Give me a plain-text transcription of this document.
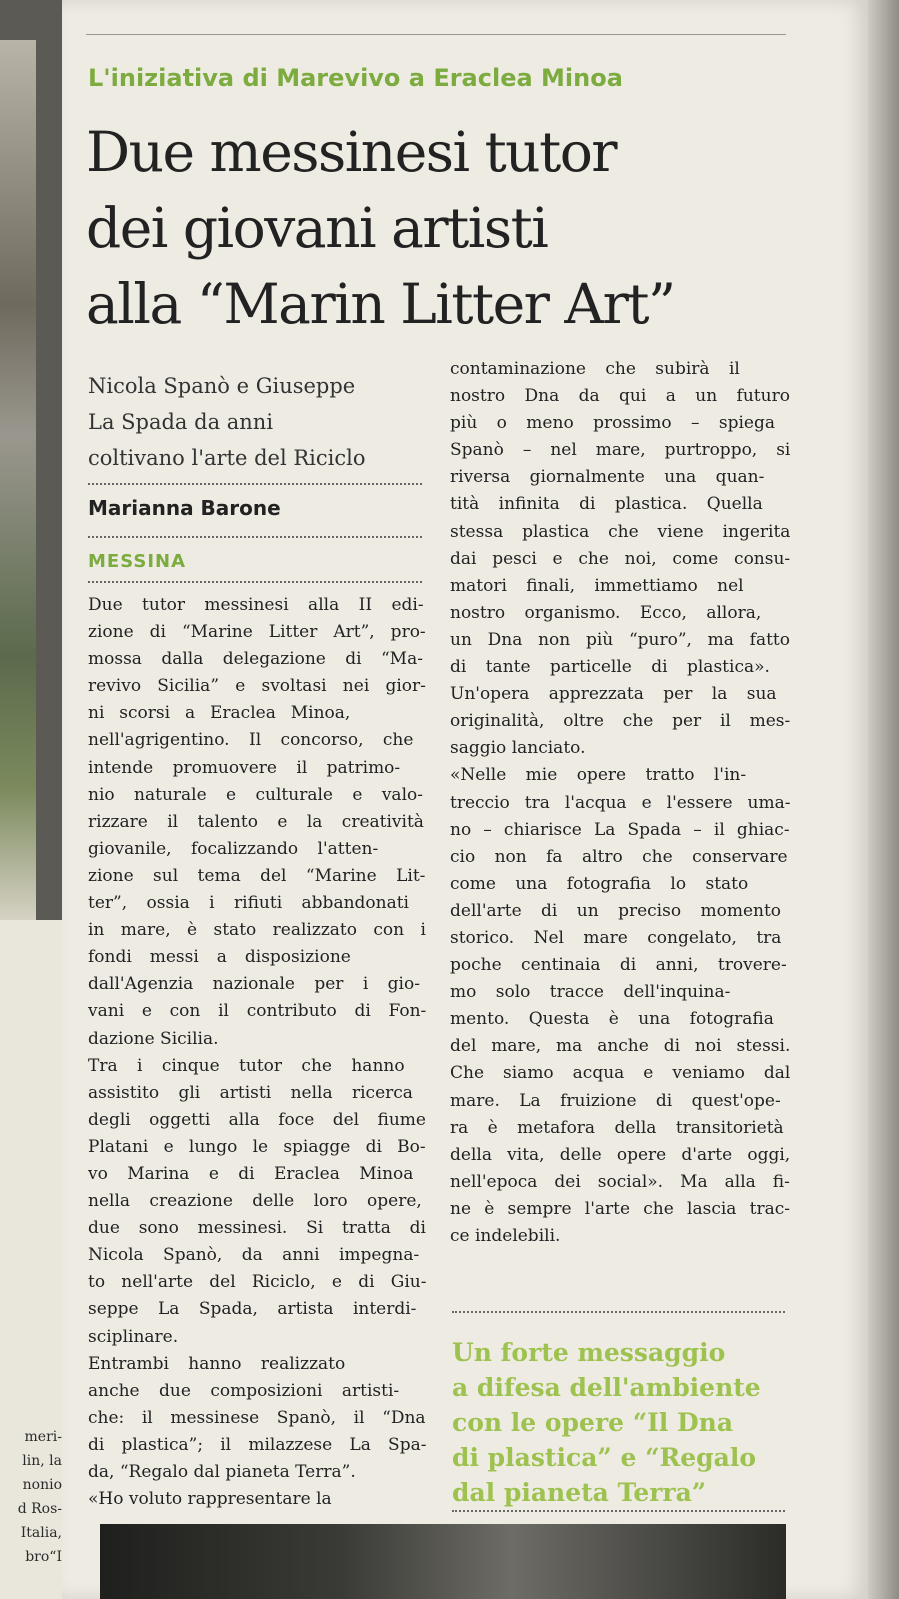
meri-
lin, la
nonio
d Ros-
Italia,
bro“I
L'iniziativa di Marevivo a Eraclea Minoa
Due messinesi tutor
dei giovani artisti
alla “Marin Litter Art”
Nicola Spanò e Giuseppe
La Spada da anni
coltivano l'arte del Riciclo
Marianna Barone
MESSINA
Due tutor messinesi alla II edi-
zione di “Marine Litter Art”, pro-
mossa dalla delegazione di “Ma-
revivo Sicilia” e svoltasi nei gior-
ni scorsi a Eraclea Minoa,
nell'agrigentino. Il concorso, che
intende promuovere il patrimo-
nio naturale e culturale e valo-
rizzare il talento e la creatività
giovanile, focalizzando l'atten-
zione sul tema del “Marine Lit-
ter”, ossia i rifiuti abbandonati
in mare, è stato realizzato con i
fondi messi a disposizione
dall'Agenzia nazionale per i gio-
vani e con il contributo di Fon-
dazione Sicilia.
Tra i cinque tutor che hanno
assistito gli artisti nella ricerca
degli oggetti alla foce del fiume
Platani e lungo le spiagge di Bo-
vo Marina e di Eraclea Minoa
nella creazione delle loro opere,
due sono messinesi. Si tratta di
Nicola Spanò, da anni impegna-
to nell'arte del Riciclo, e di Giu-
seppe La Spada, artista interdi-
sciplinare.
Entrambi hanno realizzato
anche due composizioni artisti-
che: il messinese Spanò, il “Dna
di plastica”; il milazzese La Spa-
da, “Regalo dal pianeta Terra”.
«Ho voluto rappresentare la
contaminazione che subirà il
nostro Dna da qui a un futuro
più o meno prossimo – spiega
Spanò – nel mare, purtroppo, si
riversa giornalmente una quan-
tità infinita di plastica. Quella
stessa plastica che viene ingerita
dai pesci e che noi, come consu-
matori finali, immettiamo nel
nostro organismo. Ecco, allora,
un Dna non più “puro”, ma fatto
di tante particelle di plastica».
Un'opera apprezzata per la sua
originalità, oltre che per il mes-
saggio lanciato.
«Nelle mie opere tratto l'in-
treccio tra l'acqua e l'essere uma-
no – chiarisce La Spada – il ghiac-
cio non fa altro che conservare
come una fotografia lo stato
dell'arte di un preciso momento
storico. Nel mare congelato, tra
poche centinaia di anni, trovere-
mo solo tracce dell'inquina-
mento. Questa è una fotografia
del mare, ma anche di noi stessi.
Che siamo acqua e veniamo dal
mare. La fruizione di quest'ope-
ra è metafora della transitorietà
della vita, delle opere d'arte oggi,
nell'epoca dei social». Ma alla fi-
ne è sempre l'arte che lascia trac-
ce indelebili.
Un forte messaggio
a difesa dell'ambiente
con le opere “Il Dna
di plastica” e “Regalo
dal pianeta Terra”
